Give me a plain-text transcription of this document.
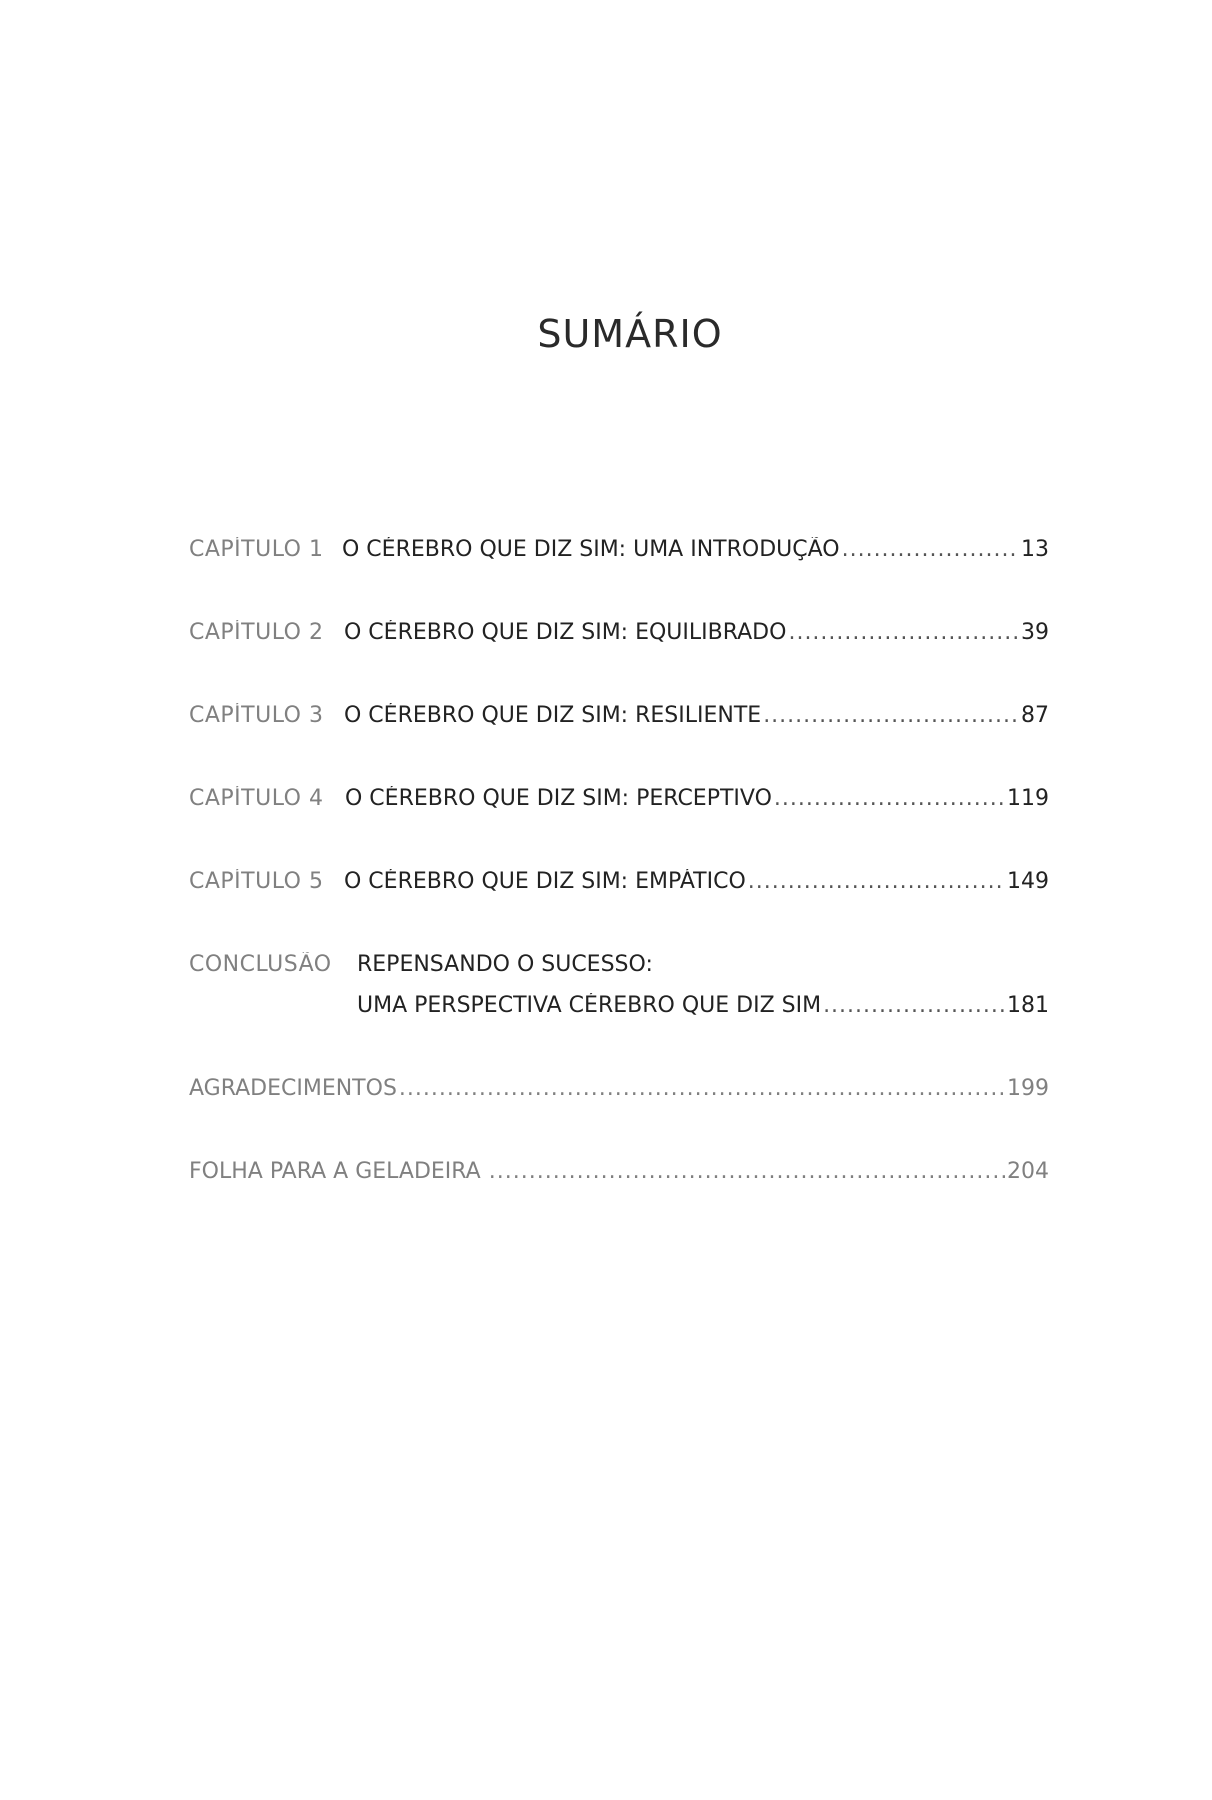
SUMÁRIO
CAPÍTULO 1 O CÉREBRO QUE DIZ SIM: UMA INTRODUÇÃO .....	13
CAPÍTULO 2 O CÉREBRO QUE DIZ SIM: EQUILIBRADO .....	39
CAPÍTULO 3 O CÉREBRO QUE DIZ SIM: RESILIENTE .....	87
CAPÍTULO 4 O CÉREBRO QUE DIZ SIM: PERCEPTIVO .....	119
CAPÍTULO 5 O CÉREBRO QUE DIZ SIM: EMPÁTICO .....	149
CONCLUSÃO	REPENSANDO O SUCESSO:
UMA PERSPECTIVA CÉREBRO QUE DIZ SIM .....	181
AGRADECIMENTOS .....	199
FOLHA PARA A GELADEIRA .....	204
